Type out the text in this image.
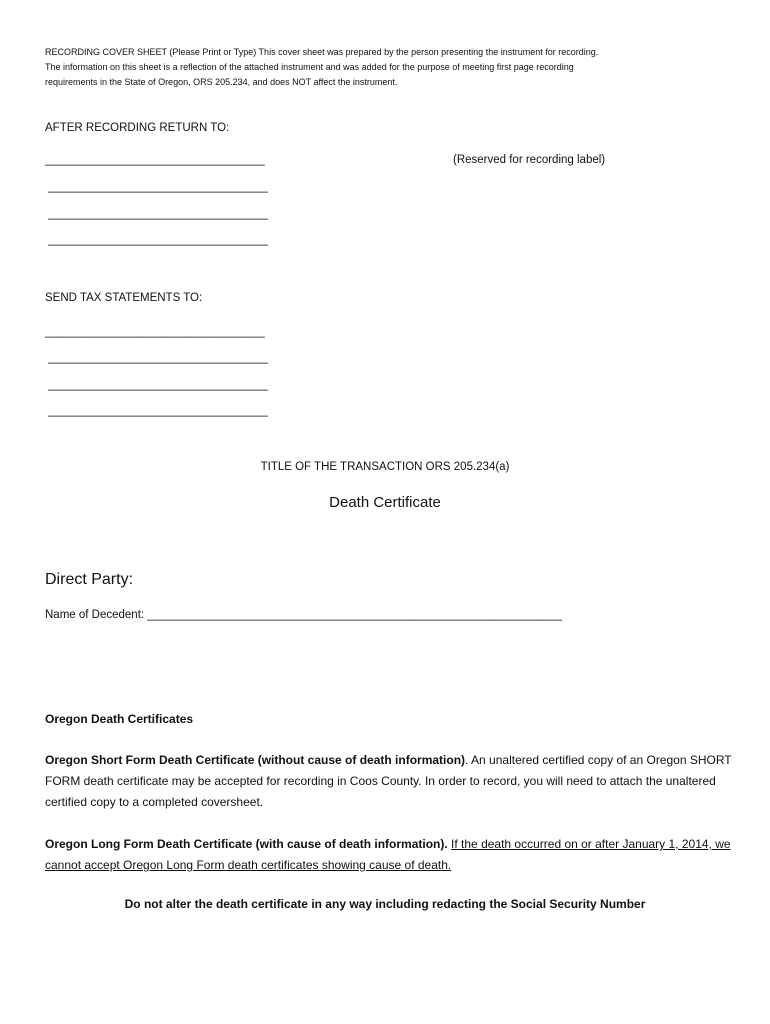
RECORDING COVER SHEET (Please Print or Type) This cover sheet was prepared by the person presenting the instrument for recording.
The information on this sheet is a reflection of the attached instrument and was added for the purpose of meeting first page recording
requirements in the State of Oregon, ORS 205.234, and does NOT affect the instrument.
AFTER RECORDING RETURN TO:
____________________________________
____________________________________
____________________________________
____________________________________
(Reserved for recording label)
SEND TAX STATEMENTS TO:
____________________________________
____________________________________
____________________________________
____________________________________
TITLE OF THE TRANSACTION ORS 205.234(a)
Death Certificate
Direct Party:
Name of Decedent: ____________________________________________________________________
Oregon Death Certificates
Oregon Short Form Death Certificate (without cause of death information). An unaltered certified copy of an Oregon SHORT FORM death certificate may be accepted for recording in Coos County. In order to record, you will need to attach the unaltered certified copy to a completed coversheet.
Oregon Long Form Death Certificate (with cause of death information). If the death occurred on or after January 1, 2014, we cannot accept Oregon Long Form death certificates showing cause of death.
Do not alter the death certificate in any way including redacting the Social Security Number
